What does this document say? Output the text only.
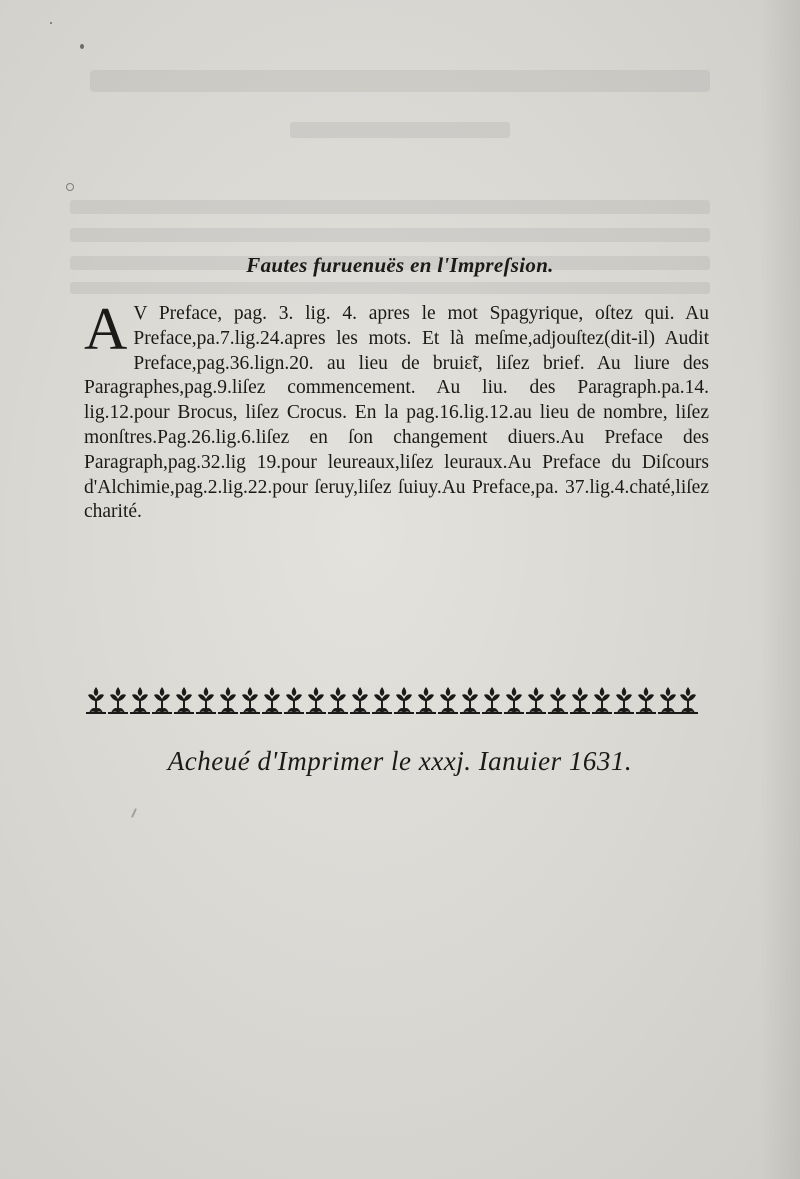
Fautes furuenuës en l'Impreſsion.
A V Preface, pag. 3. lig. 4. apres le mot Spagyrique, oſtez qui. Au Preface,pa.7.lig.24.apres les mots. Et là meſme,adjouſtez(dit-il) Audit Preface,pag.36.lign.20. au lieu de bruiɛ̃t, liſez brief. Au liure des Paragraphes,pag.9.liſez commencement. Au liu. des Paragraph.pa.14. lig.12.pour Brocus, liſez Crocus. En la pag.16.lig.12.au lieu de nombre, liſez monſtres.Pag.26.lig.6.liſez en ſon changement diuers.Au Preface des Paragraph,pag.32.lig 19.pour leureaux,liſez leuraux.Au Preface du Diſcours d'Alchimie,pag.2.lig.22.pour ſeruy,liſez ſuiuy.Au Preface,pa. 37.lig.4.chaté,liſez charité.
Acheué d'Imprimer le xxxj. Ianuier 1631.
